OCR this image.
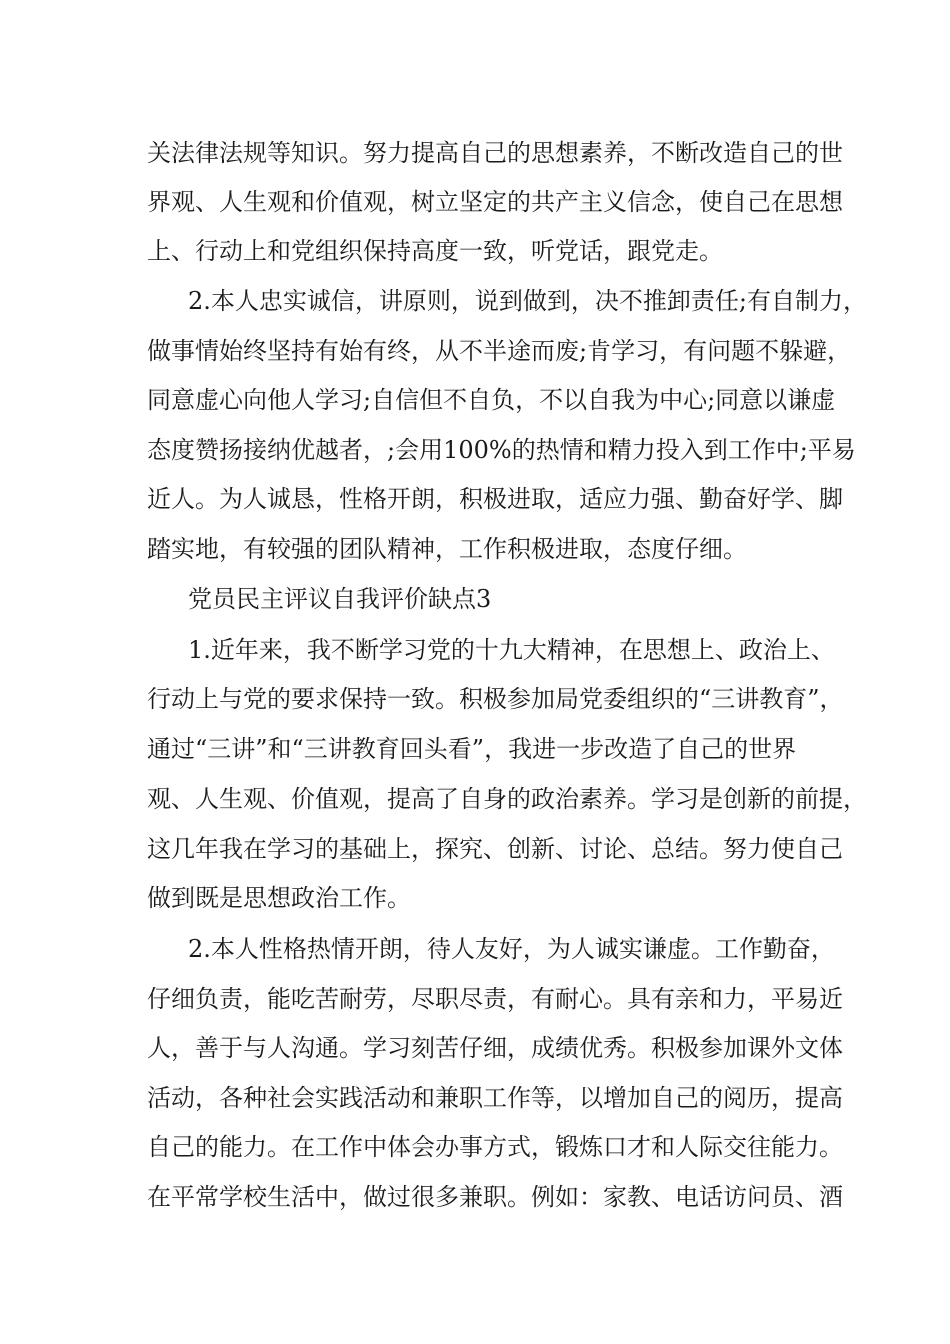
关法律法规等知识。努力提高自己的思想素养，不断改造自己的世
界观、人生观和价值观，树立坚定的共产主义信念，使自己在思想
上、行动上和党组织保持高度一致，听党话，跟党走。
2.本人忠实诚信，讲原则，说到做到，决不推卸责任;有自制力，
做事情始终坚持有始有终，从不半途而废;肯学习，有问题不躲避，
同意虚心向他人学习;自信但不自负，不以自我为中心;同意以谦虚
态度赞扬接纳优越者，;会用100%的热情和精力投入到工作中;平易
近人。为人诚恳，性格开朗，积极进取，适应力强、勤奋好学、脚
踏实地，有较强的团队精神，工作积极进取，态度仔细。
党员民主评议自我评价缺点3
1.近年来，我不断学习党的十九大精神，在思想上、政治上、
行动上与党的要求保持一致。积极参加局党委组织的“三讲教育”，
通过“三讲”和“三讲教育回头看”，我进一步改造了自己的世界
观、人生观、价值观，提高了自身的政治素养。学习是创新的前提，
这几年我在学习的基础上，探究、创新、讨论、总结。努力使自己
做到既是思想政治工作。
2.本人性格热情开朗，待人友好，为人诚实谦虚。工作勤奋，
仔细负责，能吃苦耐劳，尽职尽责，有耐心。具有亲和力，平易近
人，善于与人沟通。学习刻苦仔细，成绩优秀。积极参加课外文体
活动，各种社会实践活动和兼职工作等，以增加自己的阅历，提高
自己的能力。在工作中体会办事方式，锻炼口才和人际交往能力。
在平常学校生活中，做过很多兼职。例如：家教、电话访问员、酒
